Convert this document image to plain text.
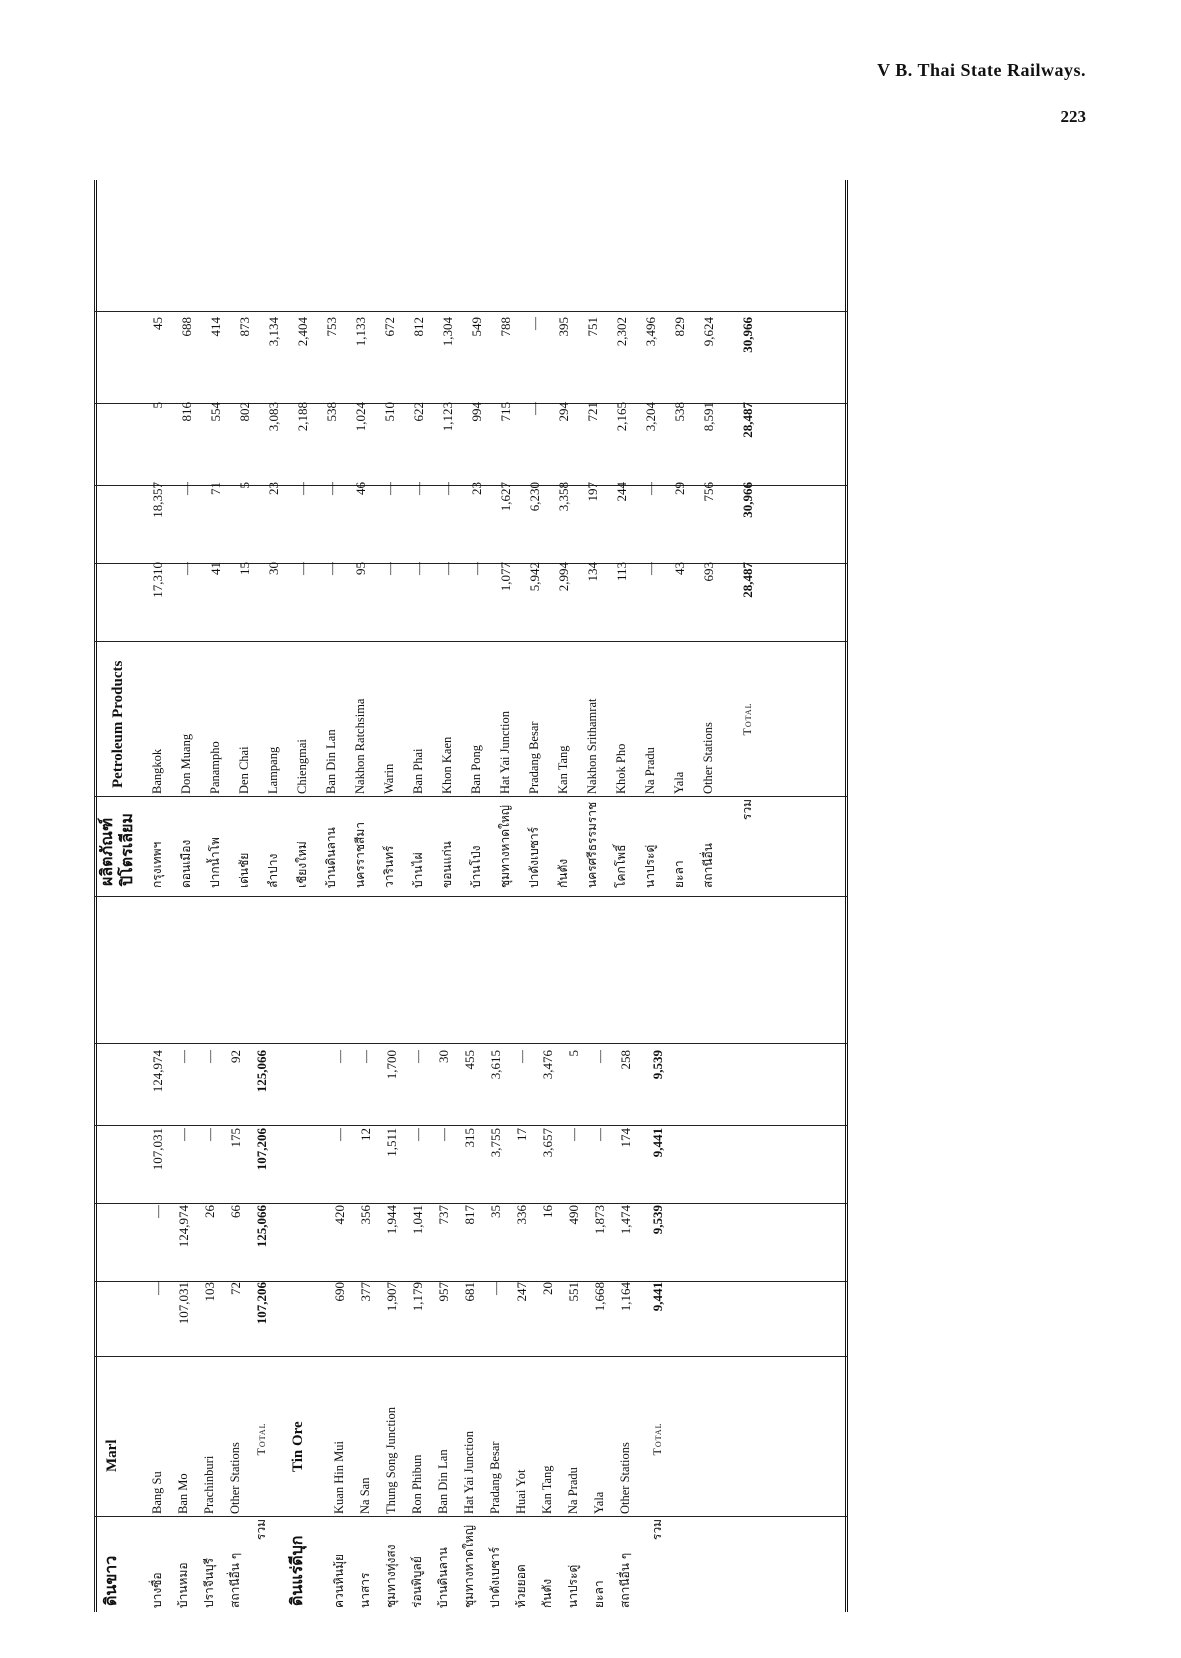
V B. Thai State Railways.
223
ดินขาว
Marl
บางซื่อ
Bang Su
—
—
107,031
124,974
บ้านหมอ
Ban Mo
107,031
124,974
—
—
ปราจีนบุรี
Prachinburi
103
26
—
—
สถานีอื่น ๆ
Other Stations
72
66
175
92
รวม
Total
107,206
125,066
107,206
125,066
ดินแร่ดีบุก
Tin Ore
ควนหินมุ้ย
Kuan Hin Mui
690
420
—
—
นาสาร
Na San
377
356
12
—
ชุมทางทุ่งสง
Thung Song Junction
1,907
1,944
1,511
1,700
ร่อนพิบูลย์
Ron Phibun
1,179
1,041
—
—
บ้านดินลาน
Ban Din Lan
957
737
—
30
ชุมทางหาดใหญ่
Hat Yai Junction
681
817
315
455
ปาดังเบซาร์
Pradang Besar
—
35
3,755
3,615
ห้วยยอด
Huai Yot
247
336
17
—
กันตัง
Kan Tang
20
16
3,657
3,476
นาประดู่
Na Pradu
551
490
—
5
ยะลา
Yala
1,668
1,873
—
—
สถานีอื่น ๆ
Other Stations
1,164
1,474
174
258
รวม
Total
9,441
9,539
9,441
9,539
ผลิตภัณฑ์ ปิโตรเลียม
Petroleum Products
กรุงเทพฯ
Bangkok
17,310
18,357
5
45
ดอนเมือง
Don Muang
—
—
816
688
ปากน้ำโพ
Panampho
41
71
554
414
เด่นชัย
Den Chai
15
5
802
873
ลำปาง
Lampang
30
23
3,083
3,134
เชียงใหม่
Chiengmai
—
—
2,188
2,404
บ้านดินลาน
Ban Din Lan
—
—
538
753
นครราชสีมา
Nakhon Ratchsima
95
46
1,024
1,133
วารินทร์
Warin
—
—
510
672
บ้านไผ่
Ban Phai
—
—
622
812
ขอนแก่น
Khon Kaen
—
—
1,123
1,304
บ้านโป่ง
Ban Pong
—
23
994
549
ชุมทางหาดใหญ่
Hat Yai Junction
1,077
1,627
715
788
ปาดังเบซาร์
Pradang Besar
5,942
6,230
—
—
กันตัง
Kan Tang
2,994
3,358
294
395
นครศรีธรรมราช
Nakhon Srithamrat
134
197
721
751
โคกโพธิ์
Khok Pho
113
244
2,165
2,302
นาประดู่
Na Pradu
—
—
3,204
3,496
ยะลา
Yala
43
29
538
829
สถานีอื่น
Other Stations
693
756
8,591
9,624
รวม
Total
28,487
30,966
28,487
30,966
